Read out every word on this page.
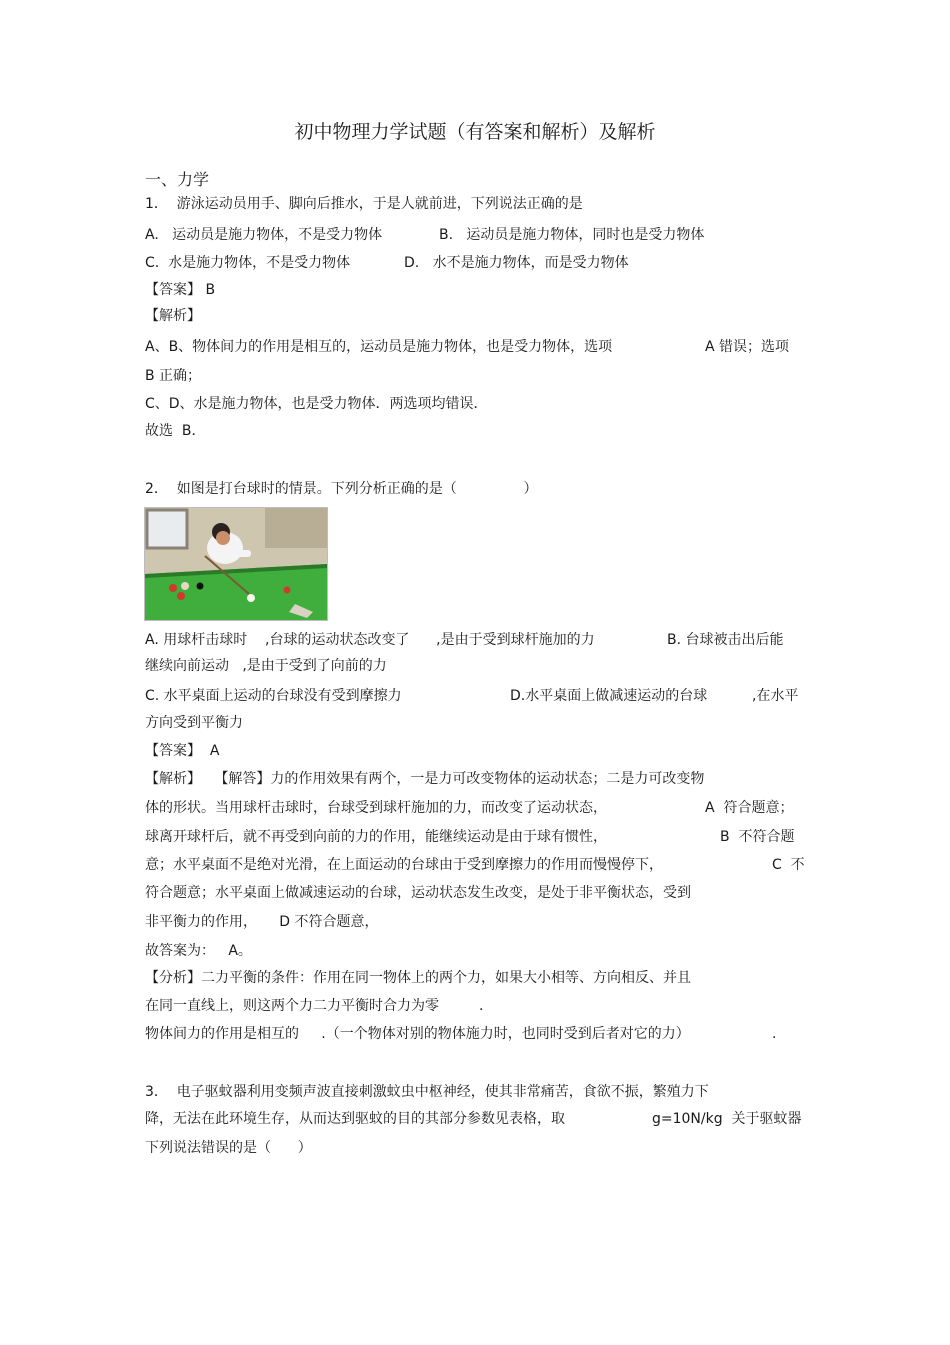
初中物理力学试题（有答案和解析）及解析
一、力学
1．  游泳运动员用手、脚向后推水，于是人就前进，下列说法正确的是
A.   运动员是施力物体，不是受力物体	B.   运动员是施力物体，同时也是受力物体
C.  水是施力物体，不是受力物体	D.   水不是施力物体，而是受力物体
【答案】 B
【解析】
A、B、物体间力的作用是相互的，运动员是施力物体，也是受力物体，选项	A 错误；选项
B 正确；
C、D、水是施力物体，也是受力物体．两选项均错误．
故选  B．
2．  如图是打台球时的情景。下列分析正确的是（               ）
A. 用球杆击球时    ,台球的运动状态改变了      ,是由于受到球杆施加的力	B. 台球被击出后能
继续向前运动   ,是由于受到了向前的力
C. 水平桌面上运动的台球没有受到摩擦力	D.水平桌面上做减速运动的台球	,在水平
方向受到平衡力
【答案】  A
【解析】   【解答】力的作用效果有两个，一是力可改变物体的运动状态；二是力可改变物
体的形状。当用球杆击球时，台球受到球杆施加的力，而改变了运动状态，	A  符合题意；
球离开球杆后，就不再受到向前的力的作用，能继续运动是由于球有惯性，	B  不符合题
意；水平桌面不是绝对光滑，在上面运动的台球由于受到摩擦力的作用而慢慢停下，	C  不
符合题意；水平桌面上做减速运动的台球，运动状态发生改变，是处于非平衡状态，受到
非平衡力的作用，     D 不符合题意，
故答案为：   A。
【分析】二力平衡的条件：作用在同一物体上的两个力，如果大小相等、方向相反、并且
在同一直线上，则这两个力二力平衡时合力为零         .
物体间力的作用是相互的     .（一个物体对别的物体施力时，也同时受到后者对它的力）	.
3．  电子驱蚊器利用变频声波直接刺激蚊虫中枢神经，使其非常痛苦，食欲不振，繁殖力下
降，无法在此环境生存，从而达到驱蚊的目的其部分参数见表格，取	g=10N/kg  关于驱蚊器
下列说法错误的是（      ）
